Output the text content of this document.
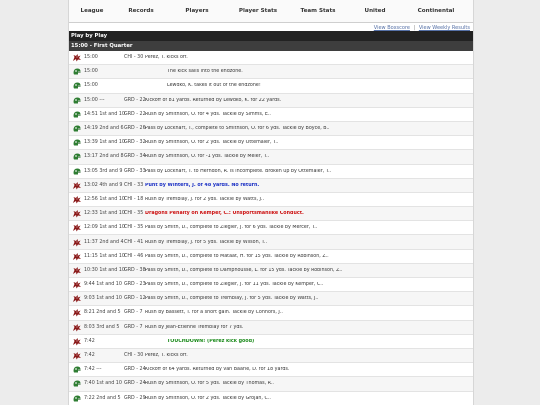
League	Records	Players	Player Stats	Team Stats	United	Continental
View Boxscore | View Weekly Results
Play by Play
15:00 - First Quarter
15:00	CHI - 30 Perez, T. kicks off.
15:00	The kick sails into the endzone.
15:00	Lewdko, K. takes it out of the endzone!
15:00 ---	GRD - 22 Kickoff of 81 yards. Returned by Lewdko, K. for 22 yards.
14:51 1st and 10 GRD - 22 Rush by Smithson, O. for 4 yds. Tackle by Simms, E..
14:19 2nd and 6 GRD - 26 Pass by Lockhart, T., complete to Smithson, O. for 6 yds. Tackle by Boyce, B..
13:39 1st and 10 GRD - 32 Rush by Smithson, O. for 2 yds. Tackle by Ottemaier, T..
13:17 2nd and 8 GRD - 34 Rush by Smithson, O. for -1 yds. Tackle by Meier, T..
13:05 3rd and 9 GRD - 33 Pass by Lockhart, T. to Herndon, R. is incomplete. Broken up by Ottemaier, T..
13:02 4th and 9 CHI - 33 Punt by Winters, J. of 48 yards. No return.
12:56 1st and 10 CHI - 18 Rush by Tremblay, J. for 2 yds. Tackle by Watts, J..
12:33 1st and 10 CHI - 35 Dragons Penalty on Kemper, C.: Unsportsmanlike Conduct.
12:09 1st and 10 CHI - 35 Pass by Smith, D., complete to Ziegler, J. for 6 yds. Tackle by Mercer, T..
11:37 2nd and 4 CHI - 41 Rush by Tremblay, J. for 5 yds. Tackle by Wilson, T..
11:15 1st and 10 CHI - 46 Pass by Smith, D., complete to Mataat, H. for 15 yds. Tackle by Robinson, Z..
10:30 1st and 10 GRD - 38 Pass by Smith, D., complete to Damphousse, L. for 15 yds. Tackle by Robinson, Z..
9:44 1st and 10 GRD - 23 Pass by Smith, D., complete to Ziegler, J. for 11 yds. Tackle by Kemper, C..
9:03 1st and 10 GRD - 12 Pass by Smith, D., complete to Tremblay, J. for 5 yds. Tackle by Watts, J..
8:21 2nd and 5 GRD - 7 Rush by Bassett, T. for a short gain. Tackle by Connors, J..
8:03 3rd and 5 GRD - 7 Rush by Jean-Etienne Tremblay for 7 yds.
7:42	TOUCHDOWN! (Perez kick good)
7:42	CHI - 30 Perez, T. kicks off.
7:42 ---	GRD - 24 Kickoff of 64 yards. Returned by van Baarle, D. for 18 yards.
7:40 1st and 10 GRD - 24 Rush by Smithson, O. for 5 yds. Tackle by Thomas, R..
7:22 2nd and 5 GRD - 29 Rush by Smithson, O. for 2 yds. Tackle by Grojan, C..
